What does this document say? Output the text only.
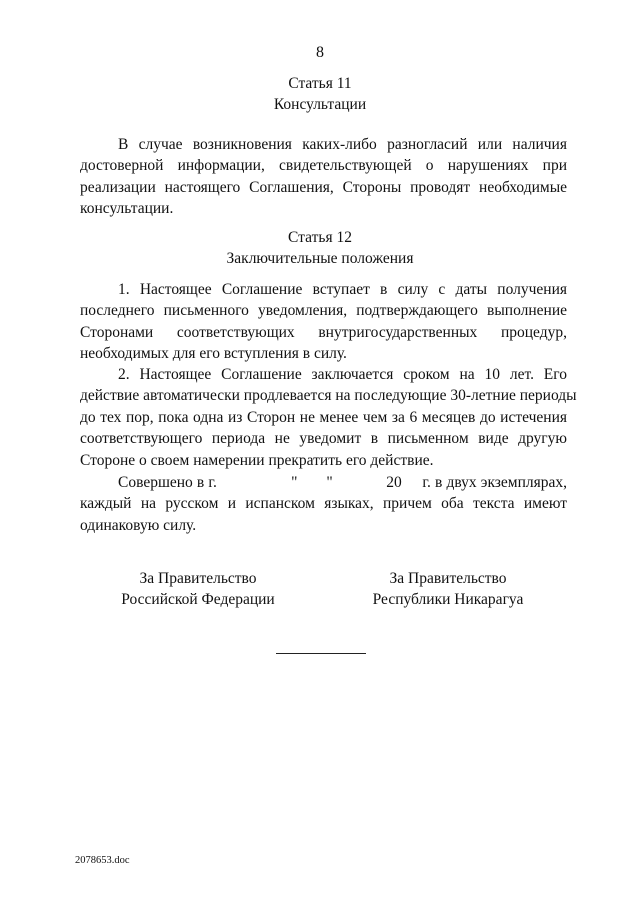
8
Статья 11
Консультации
В случае возникновения каких-либо разногласий или наличия
достоверной информации, свидетельствующей о нарушениях при
реализации настоящего Соглашения, Стороны проводят необходимые
консультации.
Статья 12
Заключительные положения
1. Настоящее Соглашение вступает в силу с даты получения
последнего письменного уведомления, подтверждающего выполнение
Сторонами соответствующих внутригосударственных процедур,
необходимых для его вступления в силу.
2. Настоящее Соглашение заключается сроком на 10 лет. Его
действие автоматически продлевается на последующие 30-летние периоды
до тех пор, пока одна из Сторон не менее чем за 6 месяцев до истечения
соответствующего периода не уведомит в письменном виде другую
Стороне о своем намерении прекратить его действие.
Совершено в г.                  "       "             20     г. в двух экземплярах,
каждый на русском и испанском языках, причем оба текста имеют
одинаковую силу.
За Правительство
Российской Федерации
За Правительство
Республики Никарагуа
2078653.doc
